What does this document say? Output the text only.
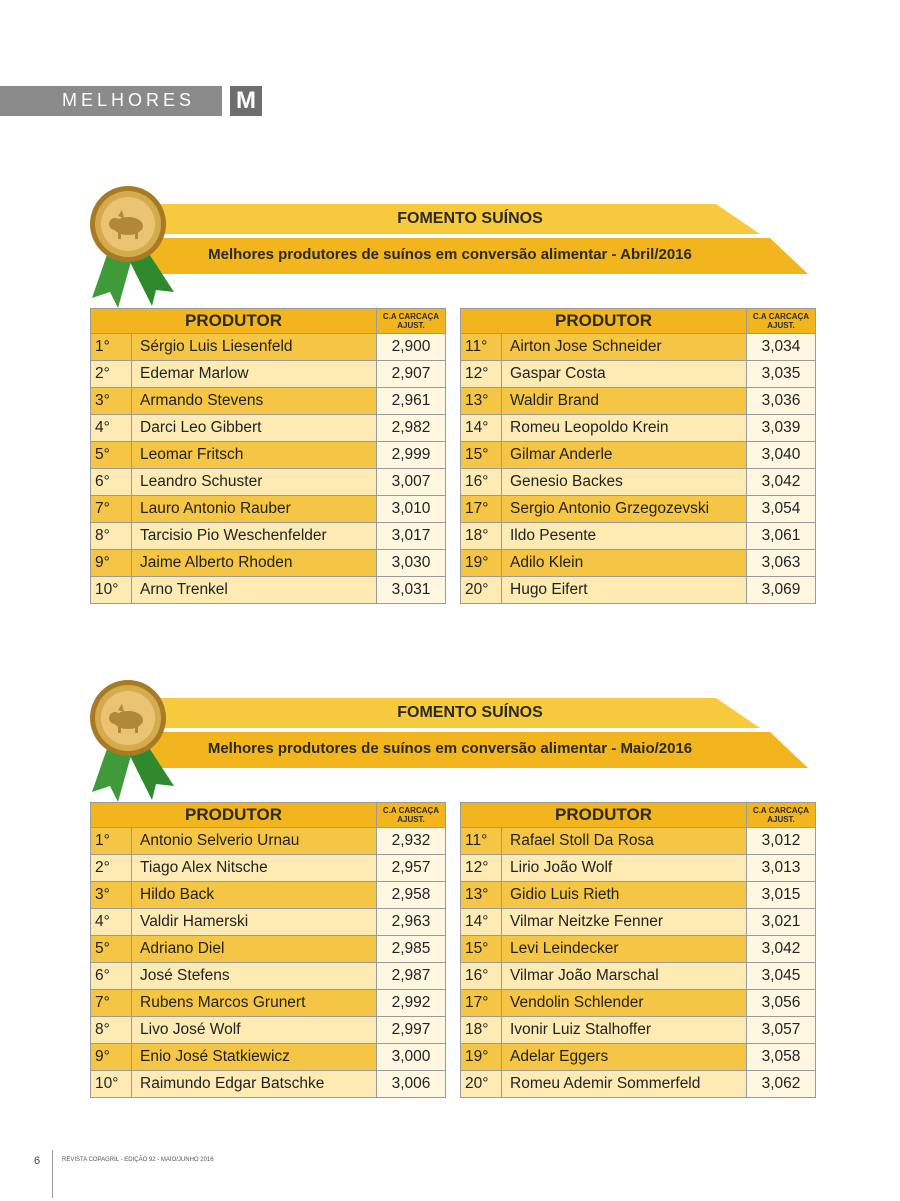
MELHORES M
FOMENTO SUÍNOS
Melhores produtores de suínos em conversão alimentar - Abril/2016
PRODUTOR		C.A CARCAÇA AJUST.
1°	Sérgio Luis Liesenfeld	2,900
2°	Edemar Marlow	2,907
3°	Armando Stevens	2,961
4°	Darci Leo Gibbert	2,982
5°	Leomar Fritsch	2,999
6°	Leandro Schuster	3,007
7°	Lauro Antonio Rauber	3,010
8°	Tarcisio Pio Weschenfelder	3,017
9°	Jaime Alberto Rhoden	3,030
10°	Arno Trenkel	3,031
PRODUTOR		C.A CARCAÇA AJUST.
11°	Airton Jose Schneider	3,034
12°	Gaspar Costa	3,035
13°	Waldir Brand	3,036
14°	Romeu Leopoldo Krein	3,039
15°	Gilmar Anderle	3,040
16°	Genesio Backes	3,042
17°	Sergio Antonio Grzegozevski	3,054
18°	Ildo Pesente	3,061
19°	Adilo Klein	3,063
20°	Hugo Eifert	3,069
FOMENTO SUÍNOS
Melhores produtores de suínos em conversão alimentar - Maio/2016
PRODUTOR		C.A CARCAÇA AJUST.
1°	Antonio Selverio Urnau	2,932
2°	Tiago Alex Nitsche	2,957
3°	Hildo Back	2,958
4°	Valdir Hamerski	2,963
5°	Adriano Diel	2,985
6°	José Stefens	2,987
7°	Rubens Marcos Grunert	2,992
8°	Livo José Wolf	2,997
9°	Enio José Statkiewicz	3,000
10°	Raimundo Edgar Batschke	3,006
PRODUTOR		C.A CARCAÇA AJUST.
11°	Rafael Stoll Da Rosa	3,012
12°	Lirio João Wolf	3,013
13°	Gidio Luis Rieth	3,015
14°	Vilmar Neitzke Fenner	3,021
15°	Levi Leindecker	3,042
16°	Vilmar João Marschal	3,045
17°	Vendolin Schlender	3,056
18°	Ivonir Luiz Stalhoffer	3,057
19°	Adelar Eggers	3,058
20°	Romeu Ademir Sommerfeld	3,062
6	REVISTA COPAGRIL - EDIÇÃO 92 - MAIO/JUNHO 2016
